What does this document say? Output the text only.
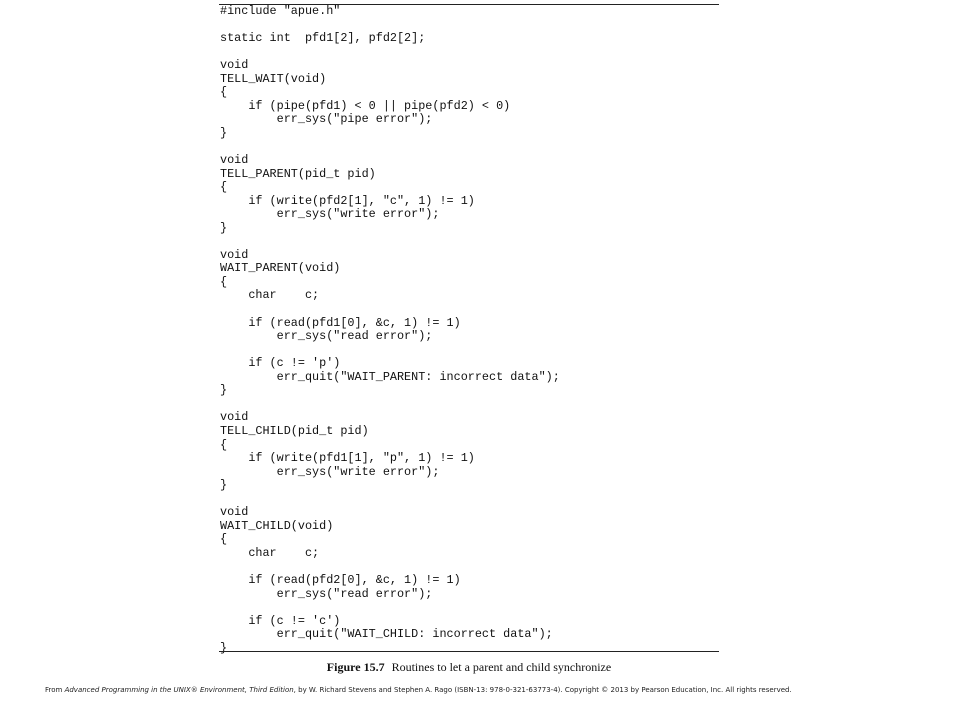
#include "apue.h"
static int  pfd1[2], pfd2[2];
void
TELL_WAIT(void)
{
if (pipe(pfd1) < 0 || pipe(pfd2) < 0)
err_sys("pipe error");
}
void
TELL_PARENT(pid_t pid)
{
if (write(pfd2[1], "c", 1) != 1)
err_sys("write error");
}
void
WAIT_PARENT(void)
{
char    c;
if (read(pfd1[0], &c, 1) != 1)
err_sys("read error");
if (c != 'p')
err_quit("WAIT_PARENT: incorrect data");
}
void
TELL_CHILD(pid_t pid)
{
if (write(pfd1[1], "p", 1) != 1)
err_sys("write error");
}
void
WAIT_CHILD(void)
{
char    c;
if (read(pfd2[0], &c, 1) != 1)
err_sys("read error");
if (c != 'c')
err_quit("WAIT_CHILD: incorrect data");
}
Figure 15.7 Routines to let a parent and child synchronize
From Advanced Programming in the UNIX® Environment, Third Edition, by W. Richard Stevens and Stephen A. Rago (ISBN-13: 978-0-321-63773-4). Copyright © 2013 by Pearson Education, Inc. All rights reserved.
